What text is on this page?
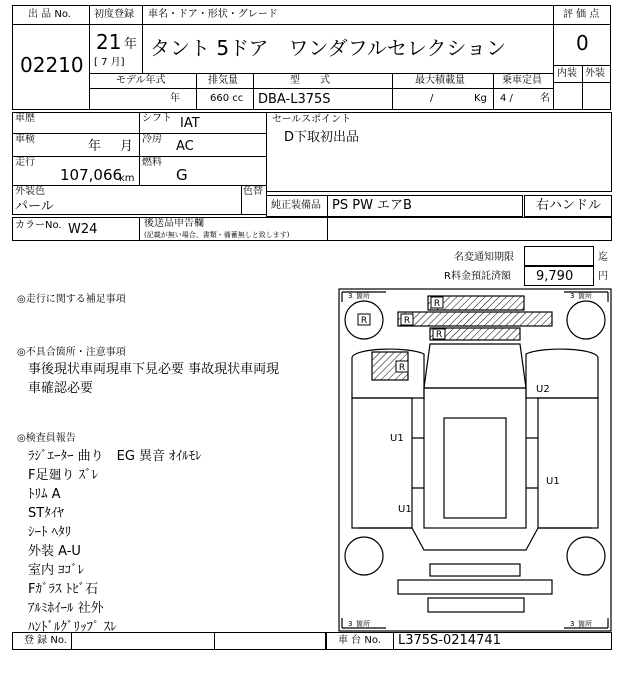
出 品 No.
02210
初度登録
21 年
[ 7 月]
車名・ドア・形状・グレード
タント 5ドア　ワンダフルセレクション
評 価 点
0
内装 外装
モデル年式
年
排気量
660 cc
型　　式
DBA-L375S
最大積載量
/	Kg
乗車定員
4 /	名
車歴	シフト IAT	セールスポイント
D下取初出品
車検	年 月 冷房 AC
走行
107,066
km
燃料
G
外装色
パール
色替
純正装備品 PS PW エアB	右ハンドル
カラーNo. W24	後送品申告欄
(記載が無い場合、書類・備蓄無しと致します)
名変通知期限	迄
R料金預託済額 9,790 円
◎走行に関する補足事項
◎不具合箇所・注意事項
事後現状車両現車下見必要 事故現状車両現
車確認必要
◎検査員報告
ﾗｼﾞｴｰﾀｰ 曲り　EG 異音 ｵｲﾙﾓﾚ
F足廻り ｽﾞﾚ
ﾄﾘﾑ A
STﾀｲﾔ
ｼｰﾄ ﾍﾀﾘ
外装 A-U
室内 ﾖｺﾞﾚ
Fｶﾞﾗｽ ﾄﾋﾞ石
ｱﾙﾐﾎｲｰﾙ 社外
ﾊﾝﾄﾞﾙｸﾞﾘｯﾌﾟ ｽﾚ
R
R
R
R
R
3 箇所	3 箇所
3 箇所	3 箇所
U1
U1
U1
U2
登 録 No.	車 台 No. L375S-0214741
